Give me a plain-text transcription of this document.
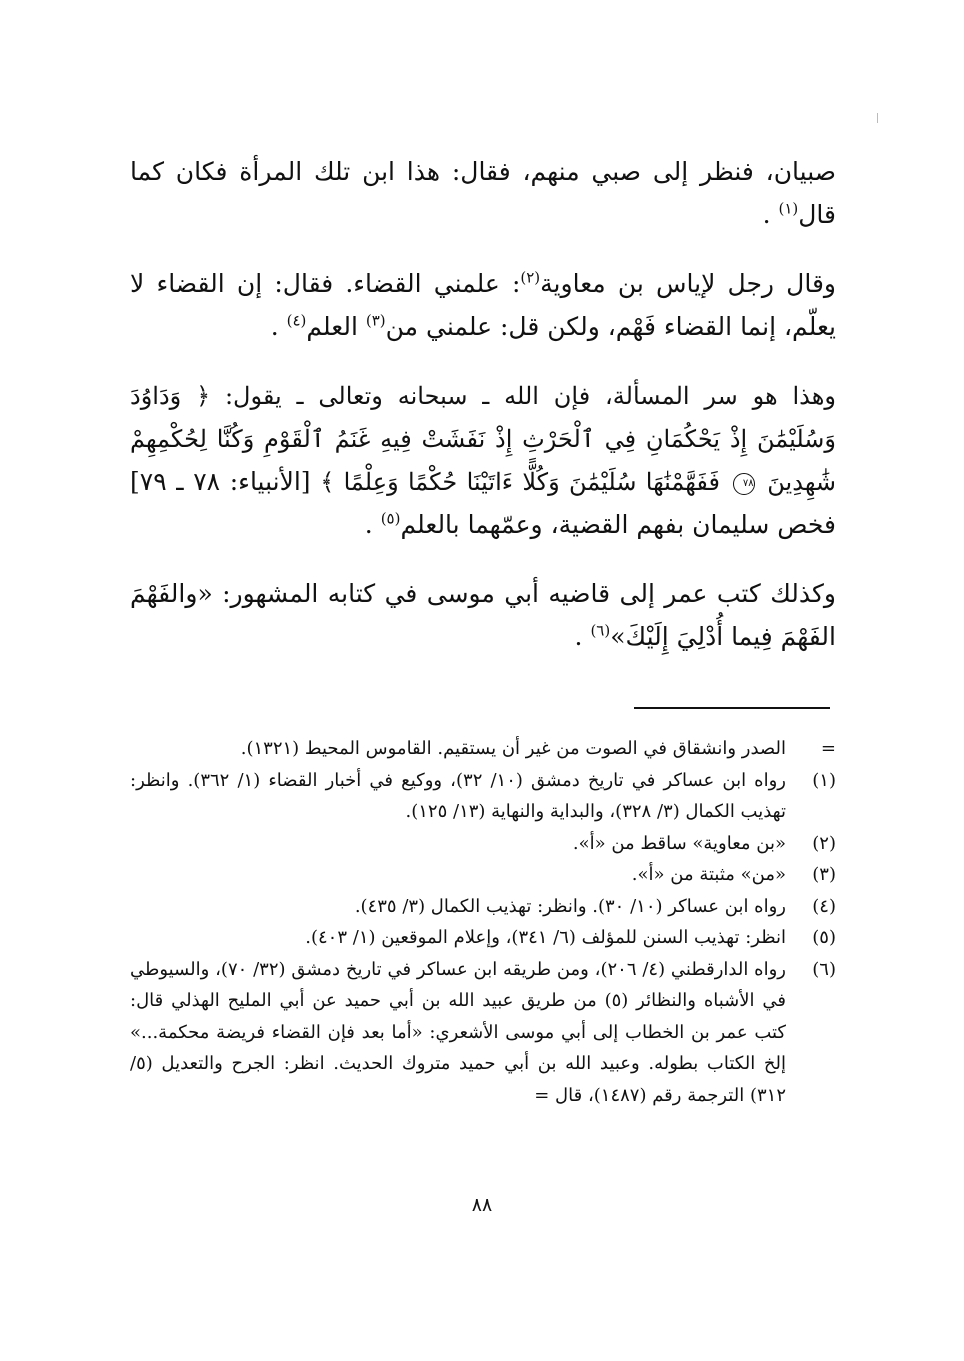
صبيان، فنظر إلى صبي منهم، فقال: هذا ابن تلك المرأة فكان كما قال$^{(١)}$ .
وقال رجل لإياس بن معاوية$^{(٢)}$: علمني القضاء. فقال: إن القضاء لا يعلّم، إنما القضاء فَهْم، ولكن قل: علمني من$^{(٣)}$ العلم$^{(٤)}$ .
وهذا هو سر المسألة، فإن الله ـ سبحانه وتعالى ـ يقول: ﴿ وَدَاوُدَ وَسُلَيْمَٰنَ إِذْ يَحْكُمَانِ فِي ٱلْحَرْثِ إِذْ نَفَشَتْ فِيهِ غَنَمُ ٱلْقَوْمِ وَكُنَّا لِحُكْمِهِمْ شَٰهِدِينَ ٧٨ فَفَهَّمْنَٰهَا سُلَيْمَٰنَ وَكُلًّا ءَاتَيْنَا حُكْمًا وَعِلْمًا ﴾ [الأنبياء: ٧٨ ـ ٧٩] فخص سليمان بفهم القضية، وعمّهما بالعلم$^{(٥)}$ .
وكذلك كتب عمر إلى قاضيه أبي موسى في كتابه المشهور: «والفَهْمَ الفَهْمَ فِيما أُدْلِيَ إِلَيْكَ»$^{(٦)}$ .
=
الصدر وانشقاق في الصوت من غير أن يستقيم. القاموس المحيط (١٣٢١).
(١)
رواه ابن عساكر في تاريخ دمشق (١٠/ ٣٢)، ووكيع في أخبار القضاء (١/ ٣٦٢). وانظر: تهذيب الكمال (٣/ ٣٢٨)، والبداية والنهاية (١٣/ ١٢٥).
(٢)
«بن معاوية» ساقط من «أ».
(٣)
«من» مثبتة من «أ».
(٤)
رواه ابن عساكر (١٠/ ٣٠). وانظر: تهذيب الكمال (٣/ ٤٣٥).
(٥)
انظر: تهذيب السنن للمؤلف (٦/ ٣٤١)، وإعلام الموقعين (١/ ٤٠٣).
(٦)
رواه الدارقطني (٤/ ٢٠٦)، ومن طريقه ابن عساكر في تاريخ دمشق (٣٢/ ٧٠)، والسيوطي في الأشباه والنظائر (٥) من طريق عبيد الله بن أبي حميد عن أبي المليح الهذلي قال: كتب عمر بن الخطاب إلى أبي موسى الأشعري: «أما بعد فإن القضاء فريضة محكمة...» إلخ الكتاب بطوله. وعبيد الله بن أبي حميد متروك الحديث. انظر: الجرح والتعديل (٥/ ٣١٢) الترجمة رقم (١٤٨٧)، قال =
٨٨
